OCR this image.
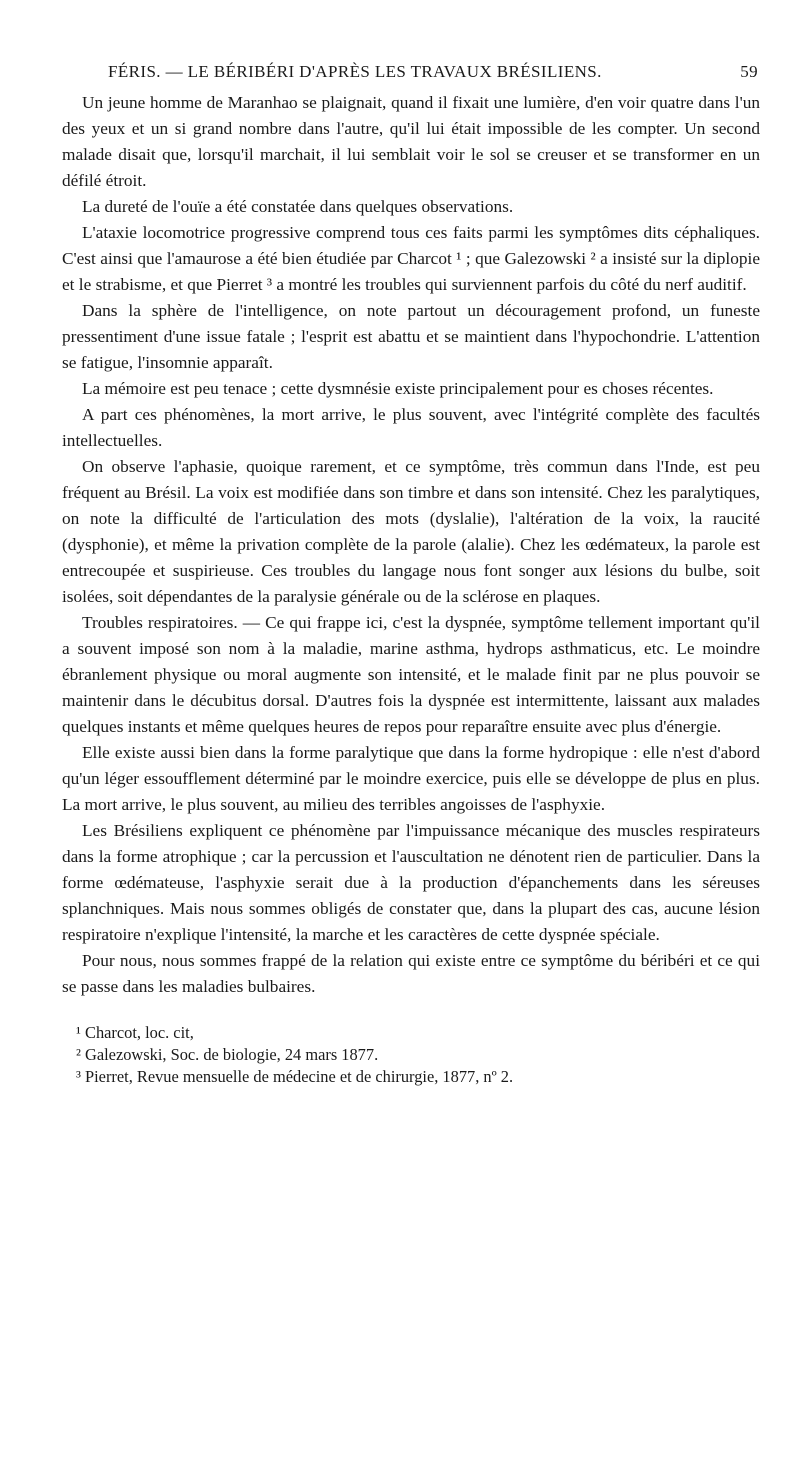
FÉRIS. — LE BÉRIBÉRI D'APRÈS LES TRAVAUX BRÉSILIENS.	59

Un jeune homme de Maranhao se plaignait, quand il fixait une lumière, d'en voir quatre dans l'un des yeux et un si grand nombre dans l'autre, qu'il lui était impossible de les compter. Un second malade disait que, lorsqu'il marchait, il lui semblait voir le sol se creuser et se transformer en un défilé étroit.

La dureté de l'ouïe a été constatée dans quelques observations.

L'ataxie locomotrice progressive comprend tous ces faits parmi les symptômes dits céphaliques. C'est ainsi que l'amaurose a été bien étudiée par Charcot ¹ ; que Galezowski ² a insisté sur la diplopie et le strabisme, et que Pierret ³ a montré les troubles qui surviennent parfois du côté du nerf auditif.

Dans la sphère de l'intelligence, on note partout un découragement profond, un funeste pressentiment d'une issue fatale ; l'esprit est abattu et se maintient dans l'hypochondrie. L'attention se fatigue, l'insomnie apparaît.

La mémoire est peu tenace ; cette dysmnésie existe principalement pour es choses récentes.

A part ces phénomènes, la mort arrive, le plus souvent, avec l'intégrité complète des facultés intellectuelles.

On observe l'aphasie, quoique rarement, et ce symptôme, très commun dans l'Inde, est peu fréquent au Brésil. La voix est modifiée dans son timbre et dans son intensité. Chez les paralytiques, on note la difficulté de l'articulation des mots (dyslalie), l'altération de la voix, la raucité (dysphonie), et même la privation complète de la parole (alalie). Chez les œdémateux, la parole est entrecoupée et suspirieuse. Ces troubles du langage nous font songer aux lésions du bulbe, soit isolées, soit dépendantes de la paralysie générale ou de la sclérose en plaques.

Troubles respiratoires. — Ce qui frappe ici, c'est la dyspnée, symptôme tellement important qu'il a souvent imposé son nom à la maladie, marine asthma, hydrops asthmaticus, etc. Le moindre ébranlement physique ou moral augmente son intensité, et le malade finit par ne plus pouvoir se maintenir dans le décubitus dorsal. D'autres fois la dyspnée est intermittente, laissant aux malades quelques instants et même quelques heures de repos pour reparaître ensuite avec plus d'énergie.

Elle existe aussi bien dans la forme paralytique que dans la forme hydropique : elle n'est d'abord qu'un léger essoufflement déterminé par le moindre exercice, puis elle se développe de plus en plus. La mort arrive, le plus souvent, au milieu des terribles angoisses de l'asphyxie.

Les Brésiliens expliquent ce phénomène par l'impuissance mécanique des muscles respirateurs dans la forme atrophique ; car la percussion et l'auscultation ne dénotent rien de particulier. Dans la forme œdémateuse, l'asphyxie serait due à la production d'épanchements dans les séreuses splanchniques. Mais nous sommes obligés de constater que, dans la plupart des cas, aucune lésion respiratoire n'explique l'intensité, la marche et les caractères de cette dyspnée spéciale.

Pour nous, nous sommes frappé de la relation qui existe entre ce symptôme du béribéri et ce qui se passe dans les maladies bulbaires.

¹ Charcot, loc. cit,
² Galezowski, Soc. de biologie, 24 mars 1877.
³ Pierret, Revue mensuelle de médecine et de chirurgie, 1877, nº 2.
